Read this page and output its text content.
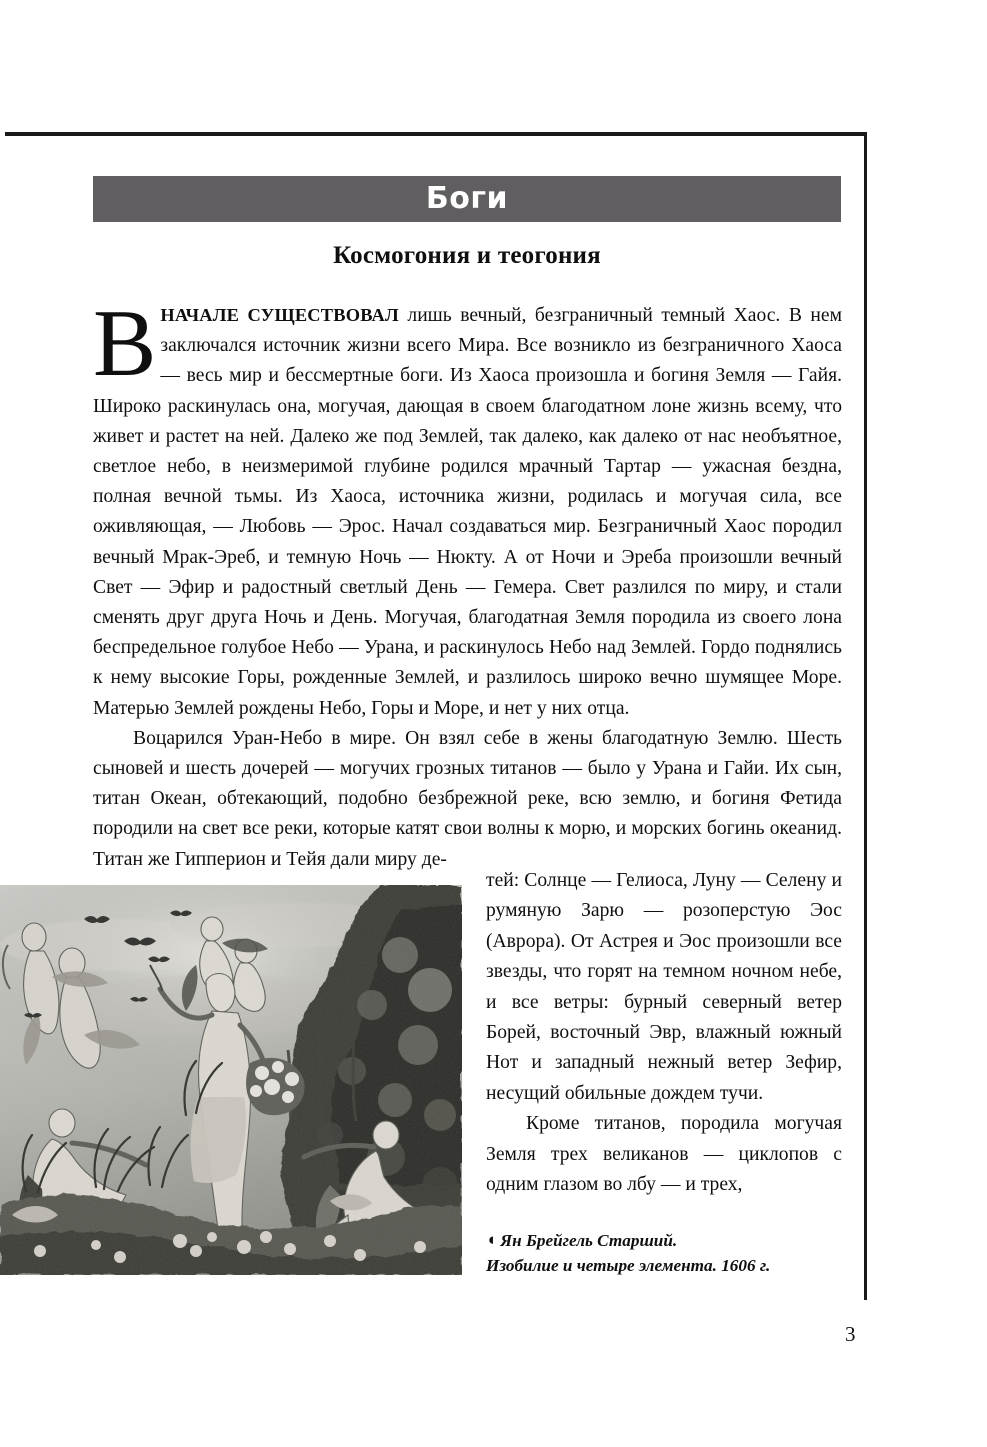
Боги
Космогония и теогония

ВНАЧАЛЕ СУЩЕСТВОВАЛ лишь вечный, безграничный темный Хаос. В нем заключался источник жизни всего Мира. Все возникло из безграничного Хаоса — весь мир и бессмертные боги. Из Хаоса произошла и богиня Земля — Гайя. Широко раскинулась она, могучая, дающая в своем благодатном лоне жизнь всему, что живет и растет на ней. Далеко же под Землей, так далеко, как далеко от нас необъятное, светлое небо, в неизмеримой глубине родился мрачный Тартар — ужасная бездна, полная вечной тьмы. Из Хаоса, источника жизни, родилась и могучая сила, все оживляющая, — Любовь — Эрос. Начал создаваться мир. Безграничный Хаос породил вечный Мрак-Эреб, и темную Ночь — Нюкту. А от Ночи и Эреба произошли вечный Свет — Эфир и радостный светлый День — Гемера. Свет разлился по миру, и стали сменять друг друга Ночь и День. Могучая, благодатная Земля породила из своего лона беспредельное голубое Небо — Урана, и раскинулось Небо над Землей. Гордо поднялись к нему высокие Горы, рожденные Землей, и разлилось широко вечно шумящее Море. Матерью Землей рождены Небо, Горы и Море, и нет у них отца.

Воцарился Уран-Небо в мире. Он взял себе в жены благодатную Землю. Шесть сыновей и шесть дочерей — могучих грозных титанов — было у Урана и Гайи. Их сын, титан Океан, обтекающий, подобно безбрежной реке, всю землю, и богиня Фетида породили на свет все реки, которые катят свои волны к морю, и морских богинь океанид. Титан же Гипперион и Тейя дали миру де-

тей: Солнце — Гелиоса, Луну — Селену и румяную Зарю — розоперстую Эос (Аврора). От Астрея и Эос произошли все звезды, что горят на темном ночном небе, и все ветры: бурный северный ветер Борей, восточный Эвр, влажный южный Нот и западный нежный ветер Зефир, несущий обильные дождем тучи.

Кроме титанов, породила могучая Земля трех великанов — циклопов с одним глазом во лбу — и трех,

◖ Ян Брейгель Старший.
Изобилие и четыре элемента. 1606 г.
3
